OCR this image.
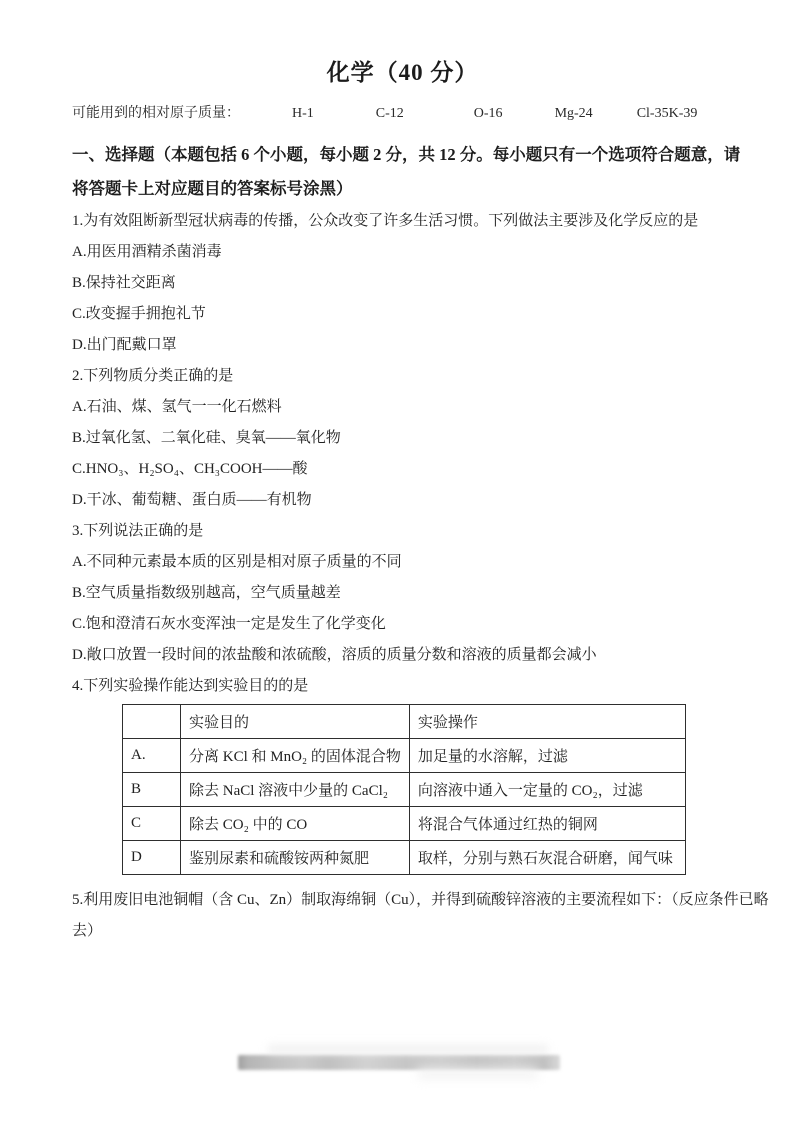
化学（40 分）
可能用到的相对原子质量：	H-1	C-12	O-16	Mg-24	Cl-35K-39
一、选择题（本题包括 6 个小题，每小题 2 分，共 12 分。每小题只有一个选项符合题意，请
将答题卡上对应题目的答案标号涂黑）
1.为有效阻断新型冠状病毒的传播，公众改变了许多生活习惯。下列做法主要涉及化学反应的是
A.用医用酒精杀菌消毒
B.保持社交距离
C.改变握手拥抱礼节
D.出门配戴口罩
2.下列物质分类正确的是
A.石油、煤、氢气一一化石燃料
B.过氧化氢、二氧化硅、臭氧——氧化物
C.HNO₃、H₂SO₄、CH₃COOH——酸
D.干冰、葡萄糖、蛋白质——有机物
3.下列说法正确的是
A.不同种元素最本质的区别是相对原子质量的不同
B.空气质量指数级别越高，空气质量越差
C.饱和澄清石灰水变浑浊一定是发生了化学变化
D.敞口放置一段时间的浓盐酸和浓硫酸，溶质的质量分数和溶液的质量都会减小
4.下列实验操作能达到实验目的的是
	实验目的	实验操作
A.	分离 KCl 和 MnO₂ 的固体混合物	加足量的水溶解，过滤
B	除去 NaCl 溶液中少量的 CaCl₂	向溶液中通入一定量的 CO₂，过滤
C	除去 CO₂ 中的 CO	将混合气体通过红热的铜网
D	鉴别尿素和硫酸铵两种氮肥	取样，分别与熟石灰混合研磨，闻气味
5.利用废旧电池铜帽（含 Cu、Zn）制取海绵铜（Cu），并得到硫酸锌溶液的主要流程如下：（反应条件已略
去）
